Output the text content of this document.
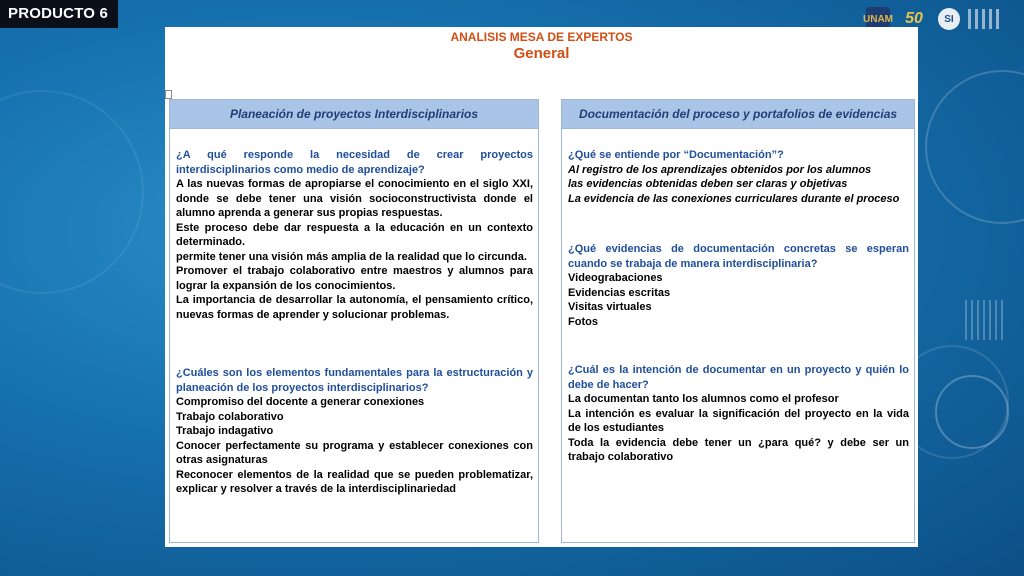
PRODUCTO 6	UNAM 50	SI
ANALISIS MESA DE EXPERTOS
General
Planeación de proyectos Interdisciplinarios
¿A qué responde la necesidad de crear proyectos interdisciplinarios como medio de aprendizaje?
A las nuevas formas de apropiarse el conocimiento en el siglo XXI, donde se debe tener una visión socioconstructivista donde el alumno aprenda a generar sus propias respuestas.
Este proceso debe dar respuesta a la educación en un contexto determinado.
permite tener una visión más amplia de la realidad que lo circunda.
Promover el trabajo colaborativo entre maestros y alumnos para lograr la expansión de los conocimientos.
La importancia de desarrollar la autonomía, el pensamiento crítico, nuevas formas de aprender y solucionar problemas.
¿Cuáles son los elementos fundamentales para la estructuración y planeación de los proyectos interdisciplinarios?
Compromiso del docente a generar conexiones
Trabajo colaborativo
Trabajo indagativo
Conocer perfectamente su programa y establecer conexiones con otras asignaturas
Reconocer elementos de la realidad que se pueden problematizar, explicar y resolver a través de la interdisciplinariedad
Documentación del proceso y portafolios de evidencias
¿Qué se entiende por “Documentación”?
Al registro de los aprendizajes obtenidos por los alumnos
las evidencias obtenidas deben ser claras y objetivas
La evidencia de las conexiones curriculares durante el proceso
¿Qué evidencias de documentación concretas se esperan cuando se trabaja de manera interdisciplinaria?
Videograbaciones
Evidencias escritas
Visitas virtuales
Fotos
¿Cuál es la intención de documentar en un proyecto y quién lo debe de hacer?
La documentan tanto los alumnos como el profesor
La intención es evaluar la significación del proyecto en la vida de los estudiantes
Toda la evidencia debe tener un ¿para qué? y debe ser un trabajo colaborativo
